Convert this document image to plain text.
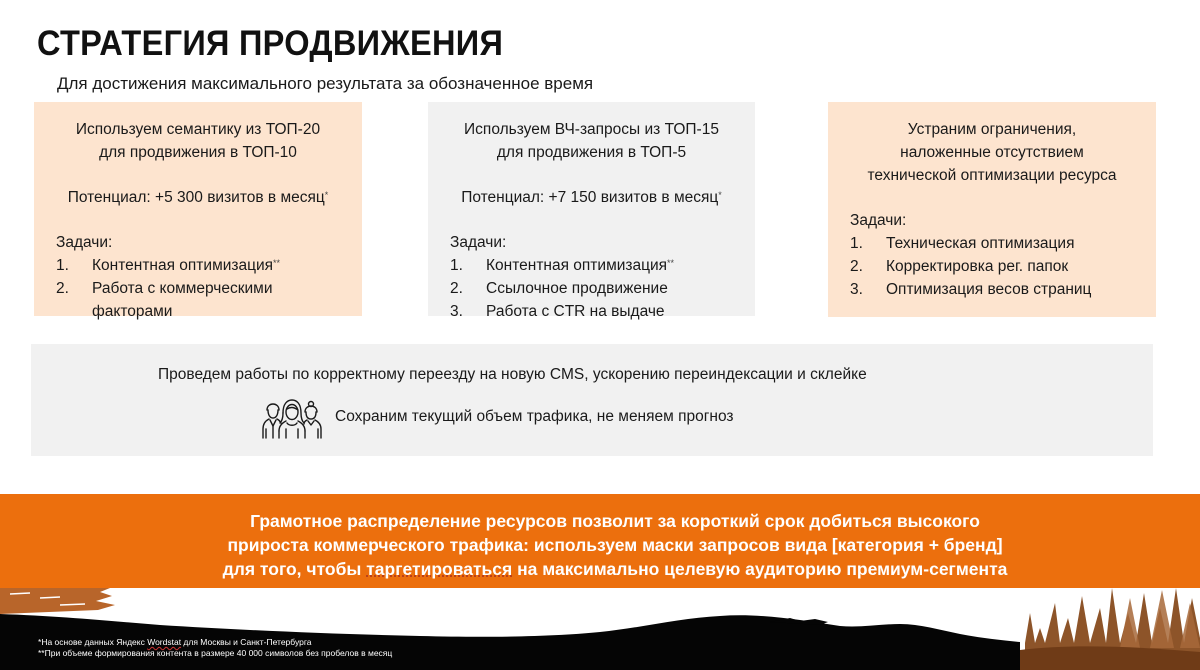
СТРАТЕГИЯ ПРОДВИЖЕНИЯ
Для достижения максимального результата за обозначенное время
Используем семантику из ТОП-20
для продвижения в ТОП-10
Потенциал: +5 300 визитов в месяц*
Задачи:
1.	Контентная оптимизация**
2.	Работа с коммерческими факторами
Используем ВЧ-запросы из ТОП-15
для продвижения в ТОП-5
Потенциал: +7 150 визитов в месяц*
Задачи:
1.	Контентная оптимизация**
2.	Ссылочное продвижение
3.	Работа с CTR на выдаче
Устраним ограничения,
наложенные отсутствием
технической оптимизации ресурса
Задачи:
1.	Техническая оптимизация
2.	Корректировка рег. папок
3.	Оптимизация весов страниц
Проведем работы по корректному переезду на новую CMS, ускорению переиндексации и склейке
Сохраним текущий объем трафика, не меняем прогноз
Грамотное распределение ресурсов позволит за короткий срок добиться высокого
прироста коммерческого трафика: используем маски запросов вида [категория + бренд]
для того, чтобы таргетироваться на максимально целевую аудиторию премиум-сегмента
*На основе данных Яндекс Wordstat для Москвы и Санкт-Петербурга
**При объеме формирования контента в размере 40 000 символов без пробелов в месяц
